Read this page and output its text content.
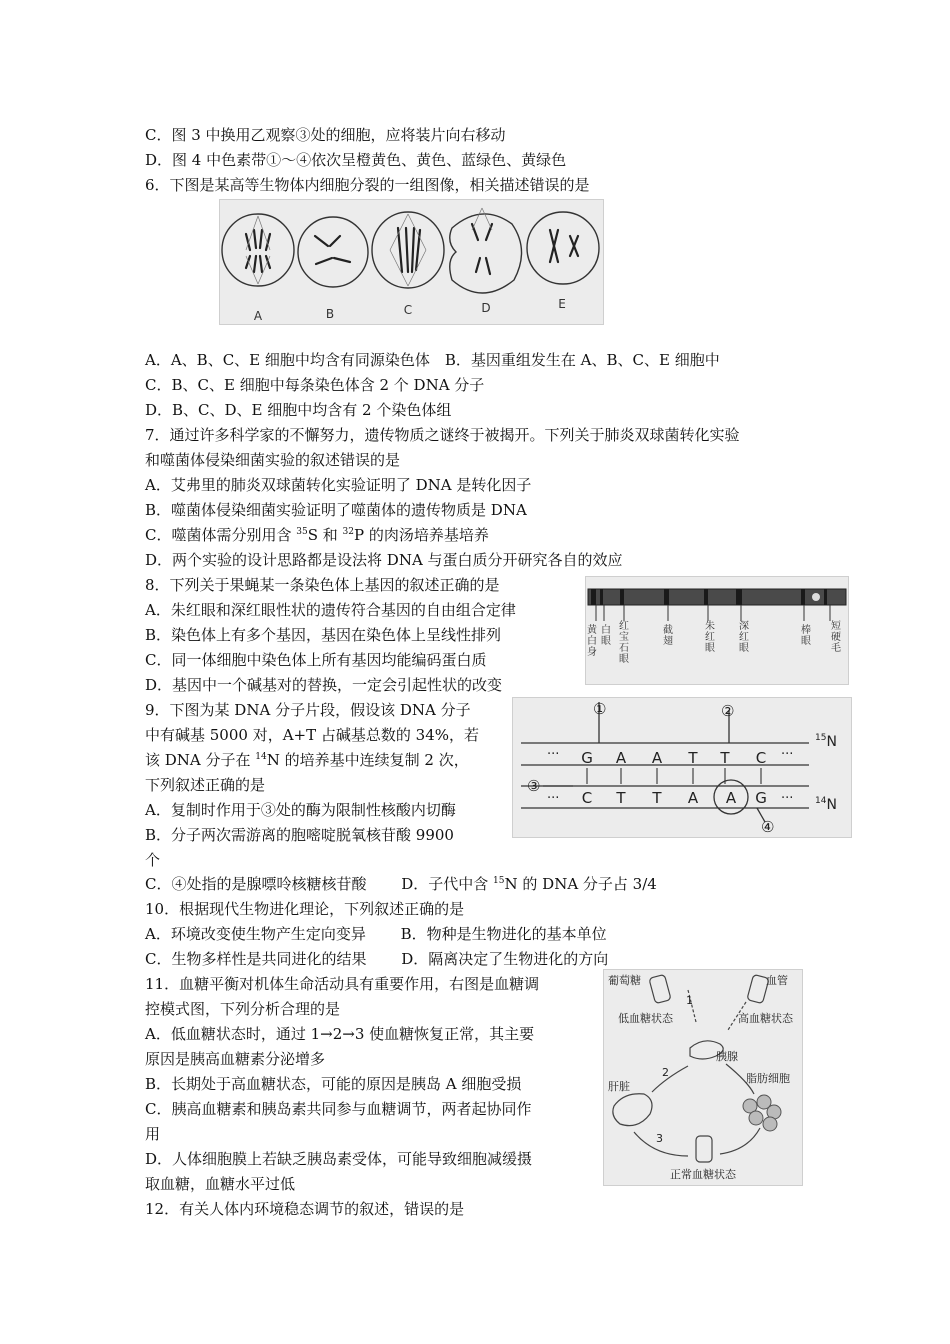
C．图 3 中换用乙观察③处的细胞，应将装片向右移动
D．图 4 中色素带①～④依次呈橙黄色、黄色、蓝绿色、黄绿色
6．下图是某高等生物体内细胞分裂的一组图像，相关描述错误的是
A	B	C	D	E
A．A、B、C、E 细胞中均含有同源染色体　B．基因重组发生在 A、B、C、E 细胞中
C．B、C、E 细胞中每条染色体含 2 个 DNA 分子
D．B、C、D、E 细胞中均含有 2 个染色体组
7．通过许多科学家的不懈努力，遗传物质之谜终于被揭开。下列关于肺炎双球菌转化实验
和噬菌体侵染细菌实验的叙述错误的是
A．艾弗里的肺炎双球菌转化实验证明了 DNA 是转化因子
B．噬菌体侵染细菌实验证明了噬菌体的遗传物质是 DNA
C．噬菌体需分别用含 $^{35}$S 和 $^{32}$P 的肉汤培养基培养
D．两个实验的设计思路都是设法将 DNA 与蛋白质分开研究各自的效应
8．下列关于果蝇某一条染色体上基因的叙述正确的是
A．朱红眼和深红眼性状的遗传符合基因的自由组合定律
B．染色体上有多个基因，基因在染色体上呈线性排列
C．同一体细胞中染色体上所有基因均能编码蛋白质
D．基因中一个碱基对的替换，一定会引起性状的改变
黄白身
白眼
红宝石眼
截翅
朱红眼
深红眼
棒眼
短硬毛
9．下图为某 DNA 分子片段，假设该 DNA 分子
中有碱基 5000 对，A+T 占碱基总数的 34%，若
该 DNA 分子在 $^{14}$N 的培养基中连续复制 2 次，
下列叙述正确的是
A．复制时作用于③处的酶为限制性核酸内切酶
B．分子两次需游离的胞嘧啶脱氧核苷酸 9900
个
G A A T T C
C T T A A G
···	···
···	···
①	②
③
④
$^{15}$N
$^{14}$N
C．④处指的是腺嘌呤核糖核苷酸　　 D．子代中含 $^{15}$N 的 DNA 分子占 3/4
10．根据现代生物进化理论，下列叙述正确的是
A．环境改变使生物产生定向变异　　 B．物种是生物进化的基本单位
C．生物多样性是共同进化的结果　　 D．隔离决定了生物进化的方向
11．血糖平衡对机体生命活动具有重要作用，右图是血糖调
控模式图，下列分析合理的是
A．低血糖状态时，通过 1→2→3 使血糖恢复正常，其主要
原因是胰高血糖素分泌增多
B．长期处于高血糖状态，可能的原因是胰岛 A 细胞受损
C．胰高血糖素和胰岛素共同参与血糖调节，两者起协同作
用
D．人体细胞膜上若缺乏胰岛素受体，可能导致细胞减缓摄
取血糖，血糖水平过低
12．有关人体内环境稳态调节的叙述，错误的是
葡萄糖	血管
低血糖状态	高血糖状态
胰腺
肝脏
脂肪细胞
正常血糖状态
1
2
3
